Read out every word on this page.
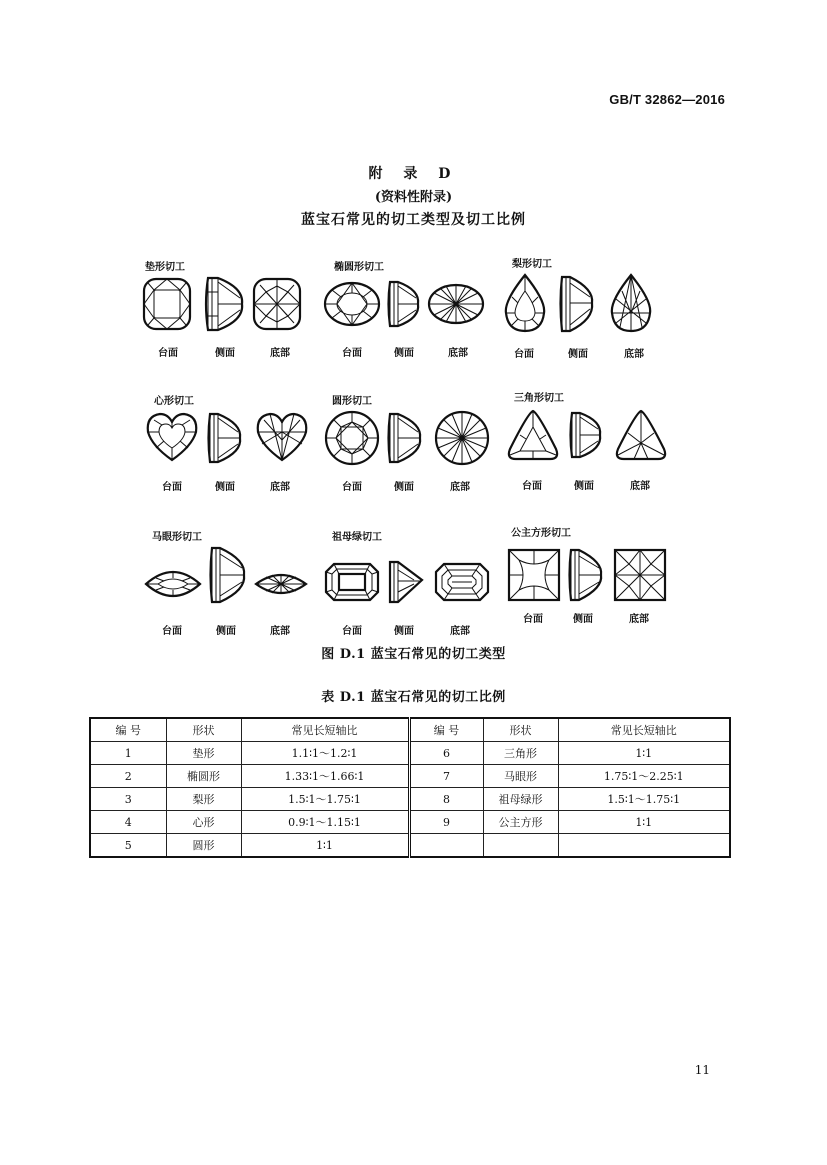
GB/T 32862—2016
附 录 D
(资料性附录)
蓝宝石常见的切工类型及切工比例
垫形切工
台面	侧面	底部
椭圆形切工
台面	侧面	底部
梨形切工
台面	侧面	底部
心形切工
台面	侧面	底部
圆形切工
台面	侧面	底部
三角形切工
台面	侧面	底部
马眼形切工
台面	侧面	底部
祖母绿切工
台面	侧面	底部
公主方形切工
台面	侧面	底部
图 D.1 蓝宝石常见的切工类型
表 D.1 蓝宝石常见的切工比例
编 号	形状	常见长短轴比	编 号	形状	常见长短轴比
1	垫形	1.1∶1～1.2∶1	6	三角形	1∶1
2	椭圆形	1.33∶1～1.66∶1	7	马眼形	1.75∶1～2.25∶1
3	梨形	1.5∶1～1.75∶1	8	祖母绿形	1.5∶1～1.75∶1
4	心形	0.9∶1～1.15∶1	9	公主方形	1∶1
5	圆形	1∶1			
11
